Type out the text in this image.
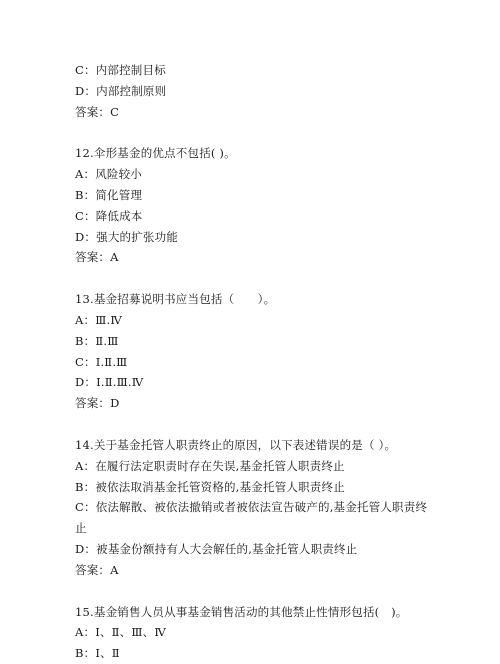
C：内部控制目标
D：内部控制原则
答案：C
12.伞形基金的优点不包括( )。
A：风险较小
B：简化管理
C：降低成本
D：强大的扩张功能
答案：A
13.基金招募说明书应当包括（　　）。
A：Ⅲ.Ⅳ
B：Ⅱ.Ⅲ
C：Ⅰ.Ⅱ.Ⅲ
D：Ⅰ.Ⅱ.Ⅲ.Ⅳ
答案：D
14.关于基金托管人职责终止的原因，以下表述错误的是（ ）。
A：在履行法定职责时存在失误,基金托管人职责终止
B：被依法取消基金托管资格的,基金托管人职责终止
C：依法解散、被依法撤销或者被依法宣告破产的,基金托管人职责终
止
D：被基金份额持有人大会解任的,基金托管人职责终止
答案：A
15.基金销售人员从事基金销售活动的其他禁止性情形包括(　)。
A：Ⅰ、Ⅱ、Ⅲ、Ⅳ
B：Ⅰ、Ⅱ
